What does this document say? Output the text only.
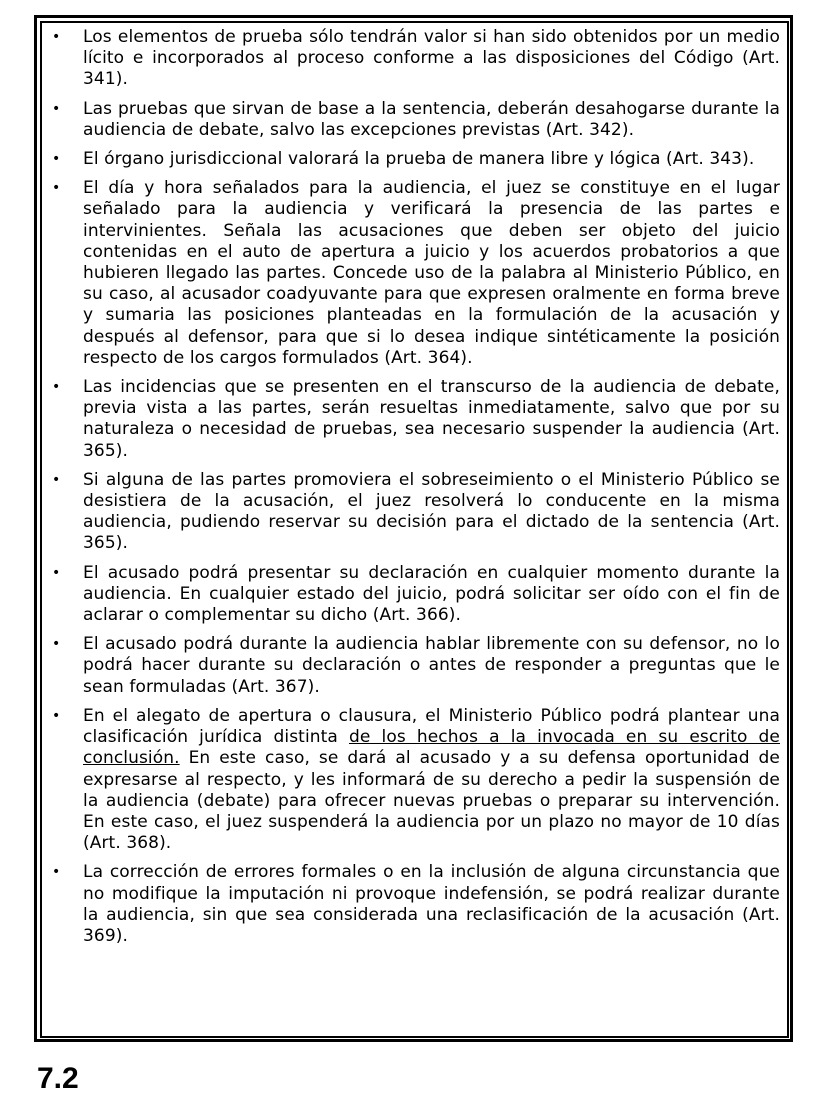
• Los elementos de prueba sólo tendrán valor si han sido obtenidos por un medio lícito e incorporados al proceso conforme a las disposiciones del Código (Art. 341).
• Las pruebas que sirvan de base a la sentencia, deberán desahogarse durante la audiencia de debate, salvo las excepciones previstas (Art. 342).
• El órgano jurisdiccional valorará la prueba de manera libre y lógica (Art. 343).
• El día y hora señalados para la audiencia, el juez se constituye en el lugar señalado para la audiencia y verificará la presencia de las partes e intervinientes. Señala las acusaciones que deben ser objeto del juicio contenidas en el auto de apertura a juicio y los acuerdos probatorios a que hubieren llegado las partes. Concede uso de la palabra al Ministerio Público, en su caso, al acusador coadyuvante para que expresen oralmente en forma breve y sumaria las posiciones planteadas en la formulación de la acusación y después al defensor, para que si lo desea indique sintéticamente la posición respecto de los cargos formulados (Art. 364).
• Las incidencias que se presenten en el transcurso de la audiencia de debate, previa vista a las partes, serán resueltas inmediatamente, salvo que por su naturaleza o necesidad de pruebas, sea necesario suspender la audiencia (Art. 365).
• Si alguna de las partes promoviera el sobreseimiento o el Ministerio Público se desistiera de la acusación, el juez resolverá lo conducente en la misma audiencia, pudiendo reservar su decisión para el dictado de la sentencia (Art. 365).
• El acusado podrá presentar su declaración en cualquier momento durante la audiencia. En cualquier estado del juicio, podrá solicitar ser oído con el fin de aclarar o complementar su dicho (Art. 366).
• El acusado podrá durante la audiencia hablar libremente con su defensor, no lo podrá hacer durante su declaración o antes de responder a preguntas que le sean formuladas (Art. 367).
• En el alegato de apertura o clausura, el Ministerio Público podrá plantear una clasificación jurídica distinta de los hechos a la invocada en su escrito de conclusión. En este caso, se dará al acusado y a su defensa oportunidad de expresarse al respecto, y les informará de su derecho a pedir la suspensión de la audiencia (debate) para ofrecer nuevas pruebas o preparar su intervención. En este caso, el juez suspenderá la audiencia por un plazo no mayor de 10 días (Art. 368).
• La corrección de errores formales o en la inclusión de alguna circunstancia que no modifique la imputación ni provoque indefensión, se podrá realizar durante la audiencia, sin que sea considerada una reclasificación de la acusación (Art. 369).
7.2
